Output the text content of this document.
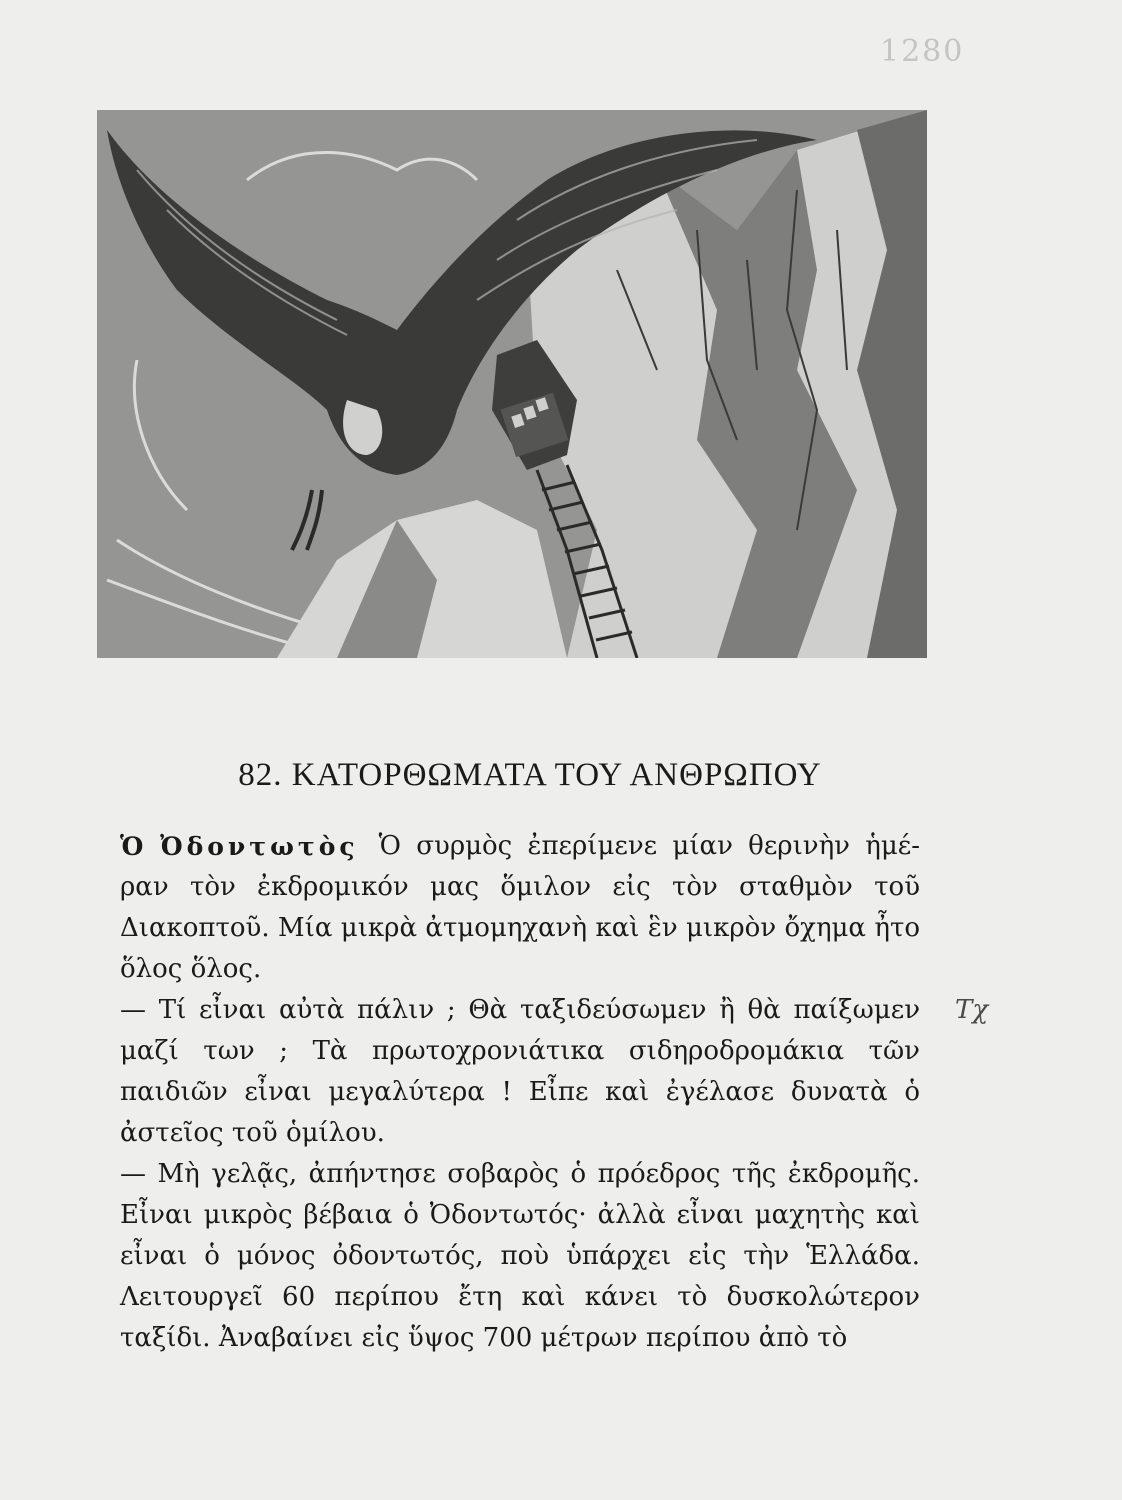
1280
82. ΚΑΤΟΡΘΩΜΑΤΑ ΤΟΥ ΑΝΘΡΩΠΟΥ

Ὁ Ὀδοντωτὸς Ὁ συρμὸς ἐπερίμενε μίαν θερινὴν ἡμέ- ραν τὸν ἐκδρομικόν μας ὅμιλον εἰς τὸν σταθμὸν τοῦ Διακοπτοῦ. Μία μικρὰ ἀτμομηχανὴ καὶ ἓν μικρὸν ὄχημα ἦτο ὅλος ὅλος.

— Τί εἶναι αὐτὰ πάλιν ; Θὰ ταξιδεύσωμεν ἢ θὰ παίξωμεν μαζί των ; Τὰ πρωτοχρονιάτικα σιδηροδρομάκια τῶν παιδιῶν εἶναι μεγαλύτερα ! Εἶπε καὶ ἐγέλασε δυνατὰ ὁ ἀστεῖος τοῦ ὁμίλου.

— Μὴ γελᾷς, ἀπήντησε σοβαρὸς ὁ πρόεδρος τῆς ἐκδρομῆς. Εἶναι μικρὸς βέβαια ὁ Ὀδοντωτός· ἀλλὰ εἶναι μαχητὴς καὶ εἶναι ὁ μόνος ὀδοντωτός, ποὺ ὑπάρχει εἰς τὴν Ἑλλάδα. Λειτουργεῖ 60 περίπου ἔτη καὶ κάνει τὸ δυσκολώτερον ταξίδι. Ἀναβαίνει εἰς ὕψος 700 μέτρων περίπου ἀπὸ τὸ

Τχ
